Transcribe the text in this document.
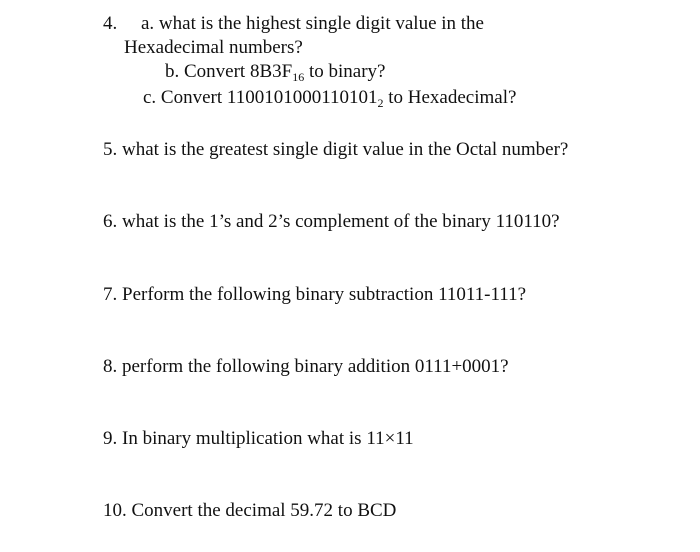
4. a. what is the highest single digit value in the
Hexadecimal numbers?
b. Convert $8B3F_{16}$ to binary?
c. Convert $1100101000110101_2$ to Hexadecimal?
5. what is the greatest single digit value in the Octal number?
6. what is the 1’s and 2’s complement of the binary 110110?
7. Perform the following binary subtraction 11011-111?
8. perform the following binary addition 0111+0001?
9. In binary multiplication what is 11×11
10. Convert the decimal 59.72 to BCD
